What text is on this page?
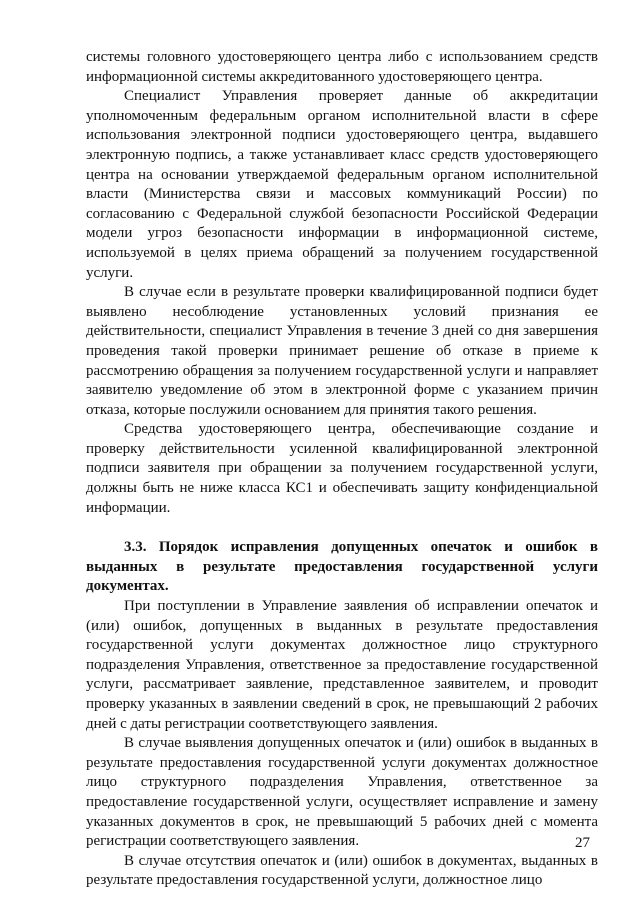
системы головного удостоверяющего центра либо с использованием средств информационной системы аккредитованного удостоверяющего центра.

Специалист Управления проверяет данные об аккредитации уполномоченным федеральным органом исполнительной власти в сфере использования электронной подписи удостоверяющего центра, выдавшего электронную подпись, а также устанавливает класс средств удостоверяющего центра на основании утверждаемой федеральным органом исполнительной власти (Министерства связи и массовых коммуникаций России) по согласованию с Федеральной службой безопасности Российской Федерации модели угроз безопасности информации в информационной системе, используемой в целях приема обращений за получением государственной услуги.

В случае если в результате проверки квалифицированной подписи будет выявлено несоблюдение установленных условий признания ее действительности, специалист Управления в течение 3 дней со дня завершения проведения такой проверки принимает решение об отказе в приеме к рассмотрению обращения за получением государственной услуги и направляет заявителю уведомление об этом в электронной форме с указанием причин отказа, которые послужили основанием для принятия такого решения.

Средства удостоверяющего центра, обеспечивающие создание и проверку действительности усиленной квалифицированной электронной подписи заявителя при обращении за получением государственной услуги, должны быть не ниже класса КС1 и обеспечивать защиту конфиденциальной информации.

3.3. Порядок исправления допущенных опечаток и ошибок в выданных в результате предоставления государственной услуги документах.

При поступлении в Управление заявления об исправлении опечаток и (или) ошибок, допущенных в выданных в результате предоставления государственной услуги документах должностное лицо структурного подразделения Управления, ответственное за предоставление государственной услуги, рассматривает заявление, представленное заявителем, и проводит проверку указанных в заявлении сведений в срок, не превышающий 2 рабочих дней с даты регистрации соответствующего заявления.

В случае выявления допущенных опечаток и (или) ошибок в выданных в результате предоставления государственной услуги документах должностное лицо структурного подразделения Управления, ответственное за предоставление государственной услуги, осуществляет исправление и замену указанных документов в срок, не превышающий 5 рабочих дней с момента регистрации соответствующего заявления.

В случае отсутствия опечаток и (или) ошибок в документах, выданных в результате предоставления государственной услуги, должностное лицо

27
